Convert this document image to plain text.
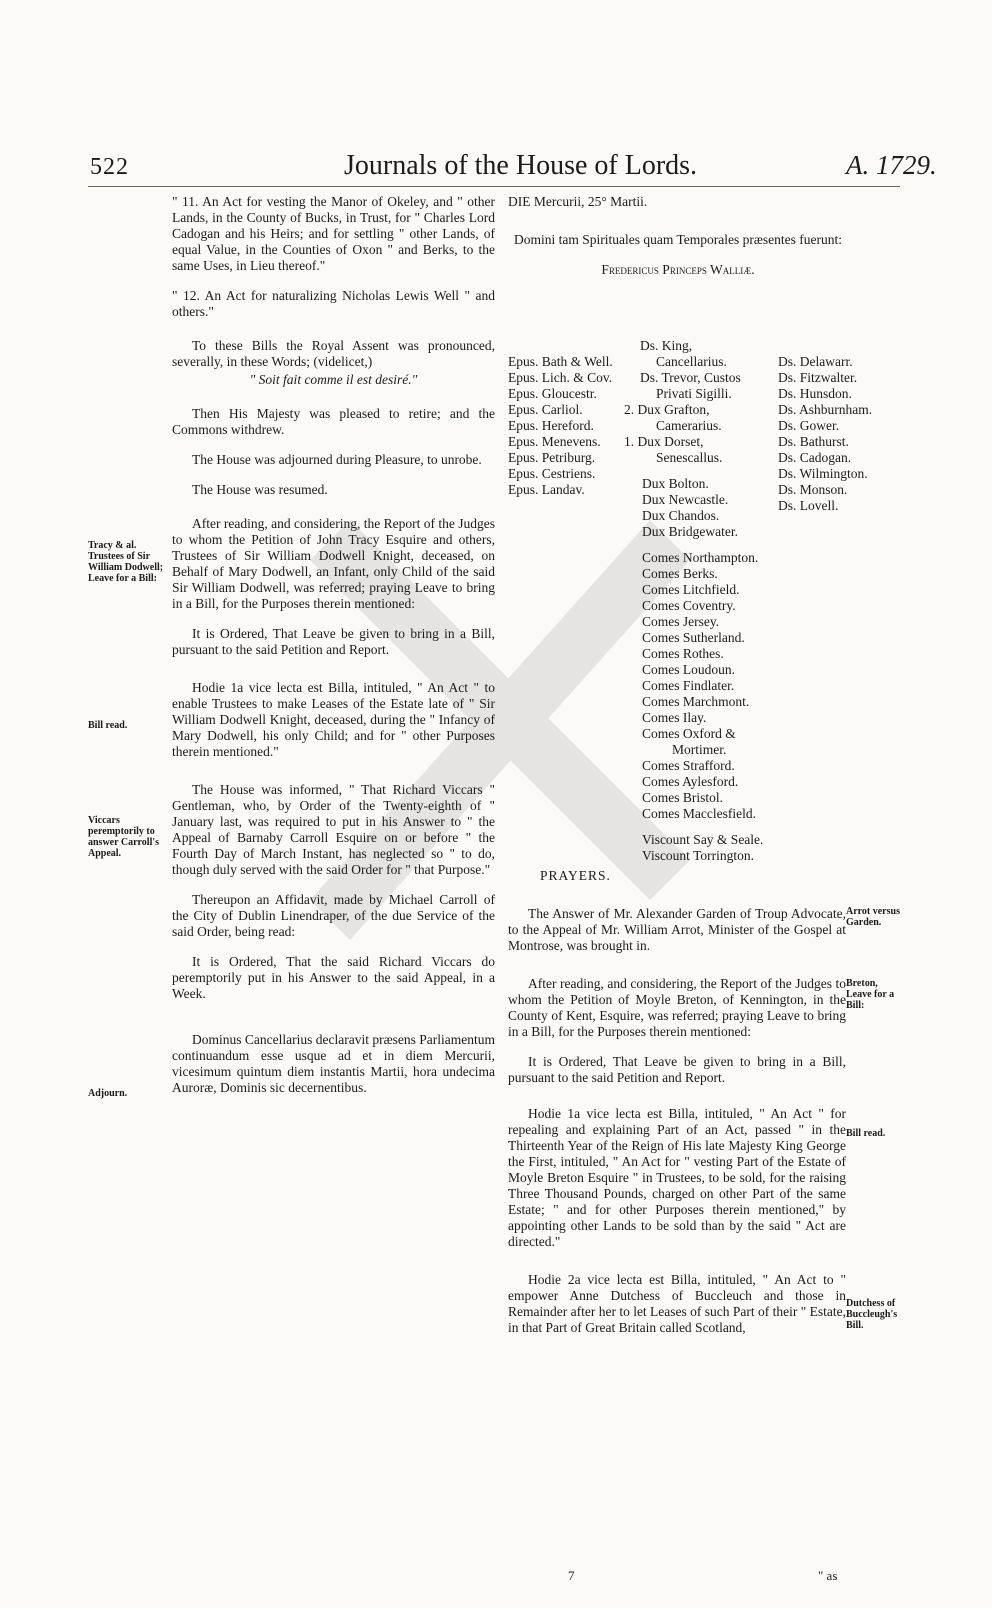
522	Journals of the House of Lords.	A. 1729.

" 11. An Act for vesting the Manor of Okeley, and " other Lands, in the County of Bucks, in Trust, for " Charles Lord Cadogan and his Heirs; and for settling " other Lands, of equal Value, in the Counties of Oxon " and Berks, to the same Uses, in Lieu thereof."

" 12. An Act for naturalizing Nicholas Lewis Well " and others."

To these Bills the Royal Assent was pronounced, severally, in these Words; (videlicet,)

" Soit fait comme il est desiré."

Then His Majesty was pleased to retire; and the Commons withdrew.

The House was adjourned during Pleasure, to unrobe.

The House was resumed.

After reading, and considering, the Report of the Judges to whom the Petition of John Tracy Esquire and others, Trustees of Sir William Dodwell Knight, deceased, on Behalf of Mary Dodwell, an Infant, only Child of the said Sir William Dodwell, was referred; praying Leave to bring in a Bill, for the Purposes therein mentioned:

It is Ordered, That Leave be given to bring in a Bill, pursuant to the said Petition and Report.

Hodie 1a vice lecta est Billa, intituled, " An Act " to enable Trustees to make Leases of the Estate late of " Sir William Dodwell Knight, deceased, during the " Infancy of Mary Dodwell, his only Child; and for " other Purposes therein mentioned."

The House was informed, " That Richard Viccars " Gentleman, who, by Order of the Twenty-eighth of " January last, was required to put in his Answer to " the Appeal of Barnaby Carroll Esquire on or before " the Fourth Day of March Instant, has neglected so " to do, though duly served with the said Order for " that Purpose."

Thereupon an Affidavit, made by Michael Carroll of the City of Dublin Linendraper, of the due Service of the said Order, being read:

It is Ordered, That the said Richard Viccars do peremptorily put in his Answer to the said Appeal, in a Week.

Dominus Cancellarius declaravit præsens Parliamentum continuandum esse usque ad et in diem Mercurii, vicesimum quintum diem instantis Martii, hora undecima Auroræ, Dominis sic decernentibus.

Tracy & al. Trustees of Sir William Dodwell; Leave for a Bill:
Bill read.
Viccars peremptorily to answer Carroll's Appeal.
Adjourn.
DIE Mercurii, 25° Martii.
Domini tam Spirituales quam Temporales præsentes fuerunt:
Fredericus Princeps Walliæ.
Epus. Bath & Well.
Epus. Lich. & Cov.
Epus. Gloucestr.
Epus. Carliol.
Epus. Hereford.
Epus. Menevens.
Epus. Petriburg.
Epus. Cestriens.
Epus. Landav.
Ds. King,
Cancellarius.
Ds. Trevor, Custos
Privati Sigilli.
2. Dux Grafton,
Camerarius.
1. Dux Dorset,
Senescallus.
Dux Bolton.
Dux Newcastle.
Dux Chandos.
Dux Bridgewater.
Comes Northampton.
Comes Berks.
Comes Litchfield.
Comes Coventry.
Comes Jersey.
Comes Sutherland.
Comes Rothes.
Comes Loudoun.
Comes Findlater.
Comes Marchmont.
Comes Ilay.
Comes Oxford &
Mortimer.
Comes Strafford.
Comes Aylesford.
Comes Bristol.
Comes Macclesfield.
Viscount Say & Seale.
Viscount Torrington.
Ds. Delawarr.
Ds. Fitzwalter.
Ds. Hunsdon.
Ds. Ashburnham.
Ds. Gower.
Ds. Bathurst.
Ds. Cadogan.
Ds. Wilmington.
Ds. Monson.
Ds. Lovell.
PRAYERS.

The Answer of Mr. Alexander Garden of Troup Advocate, to the Appeal of Mr. William Arrot, Minister of the Gospel at Montrose, was brought in.

After reading, and considering, the Report of the Judges to whom the Petition of Moyle Breton, of Kennington, in the County of Kent, Esquire, was referred; praying Leave to bring in a Bill, for the Purposes therein mentioned:

It is Ordered, That Leave be given to bring in a Bill, pursuant to the said Petition and Report.

Hodie 1a vice lecta est Billa, intituled, " An Act " for repealing and explaining Part of an Act, passed " in the Thirteenth Year of the Reign of His late Majesty King George the First, intituled, " An Act for " vesting Part of the Estate of Moyle Breton Esquire " in Trustees, to be sold, for the raising Three Thousand Pounds, charged on other Part of the same Estate; " and for other Purposes therein mentioned," by appointing other Lands to be sold than by the said " Act are directed."

Hodie 2a vice lecta est Billa, intituled, " An Act to " empower Anne Dutchess of Buccleuch and those in Remainder after her to let Leases of such Part of their " Estate, in that Part of Great Britain called Scotland,

7	" as
Arrot versus Garden.
Breton, Leave for a Bill:
Bill read.
Dutchess of Buccleugh's Bill.
